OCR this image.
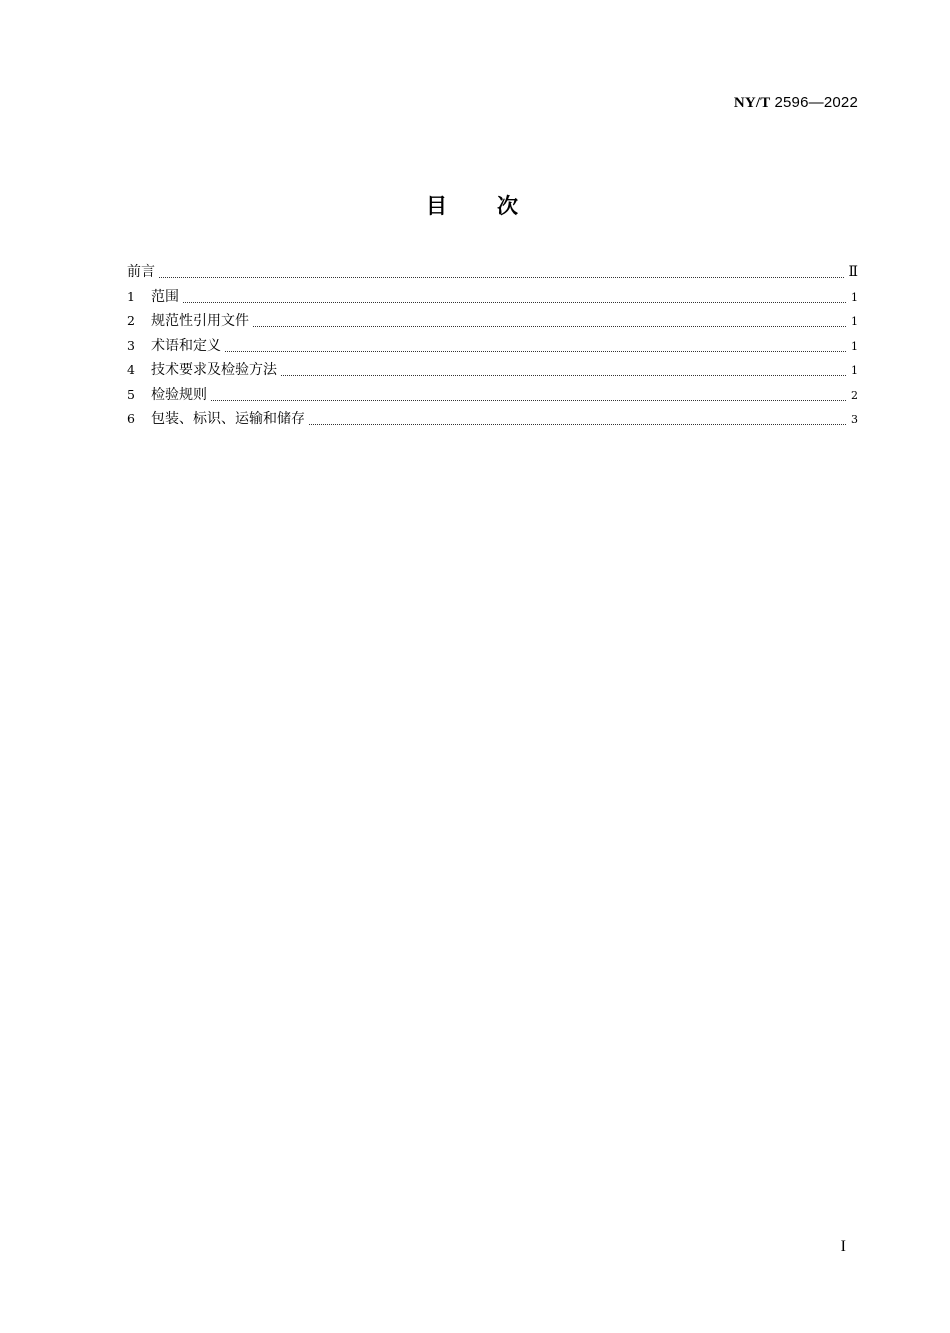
NY/T 2596—2022
目次
前言	Ⅱ
1	范围	1
2	规范性引用文件	1
3	术语和定义	1
4	技术要求及检验方法	1
5	检验规则	2
6	包装、标识、运输和储存	3
I
